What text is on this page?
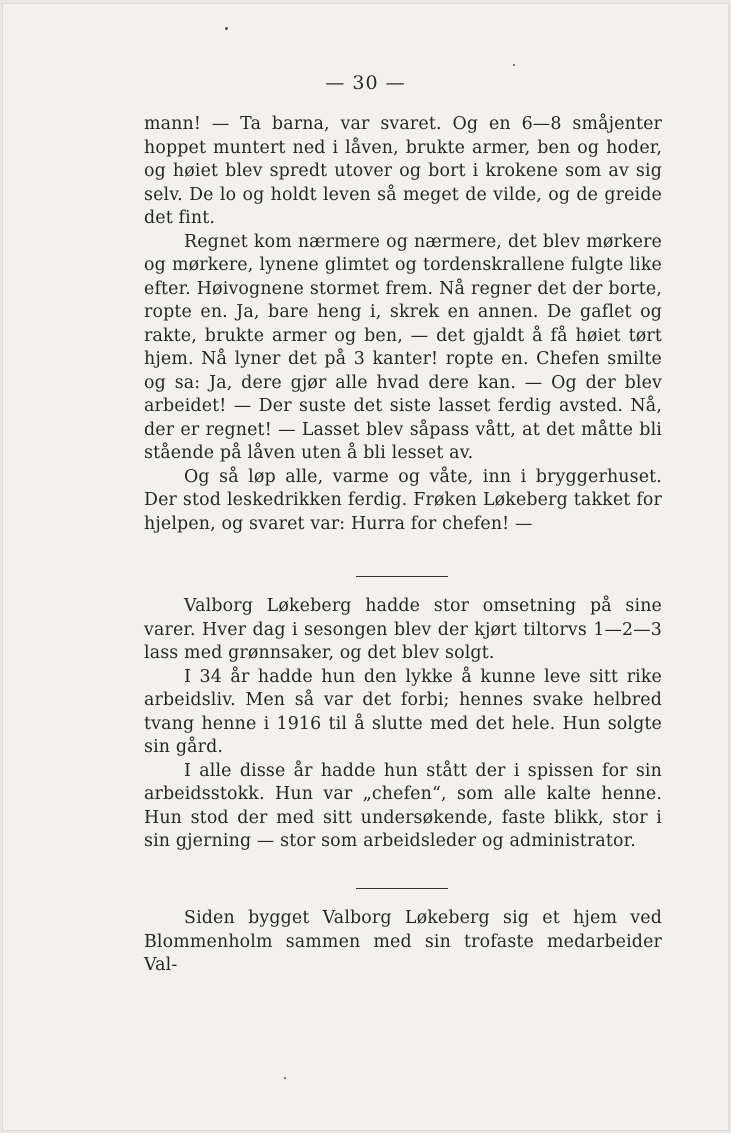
— 30 —

mann! — Ta barna, var svaret. Og en 6—8 småjenter hoppet muntert ned i låven, brukte armer, ben og hoder, og høiet blev spredt utover og bort i krokene som av sig selv. De lo og holdt leven så meget de vilde, og de greide det fint.

Regnet kom nærmere og nærmere, det blev mørkere og mørkere, lynene glimtet og tordenskrallene fulgte like efter. Høivognene stormet frem. Nå regner det der borte, ropte en. Ja, bare heng i, skrek en annen. De gaflet og rakte, brukte armer og ben, — det gjaldt å få høiet tørt hjem. Nå lyner det på 3 kanter! ropte en. Chefen smilte og sa: Ja, dere gjør alle hvad dere kan. — Og der blev arbeidet! — Der suste det siste lasset ferdig avsted. Nå, der er regnet! — Lasset blev såpass vått, at det måtte bli stående på låven uten å bli lesset av.

Og så løp alle, varme og våte, inn i bryggerhuset. Der stod leskedrikken ferdig. Frøken Løkeberg takket for hjelpen, og svaret var: Hurra for chefen! —

Valborg Løkeberg hadde stor omsetning på sine varer. Hver dag i sesongen blev der kjørt tiltorvs 1—2—3 lass med grønnsaker, og det blev solgt.

I 34 år hadde hun den lykke å kunne leve sitt rike arbeidsliv. Men så var det forbi; hennes svake helbred tvang henne i 1916 til å slutte med det hele. Hun solgte sin gård.

I alle disse år hadde hun stått der i spissen for sin arbeidsstokk. Hun var „chefen“, som alle kalte henne. Hun stod der med sitt undersøkende, faste blikk, stor i sin gjerning — stor som arbeidsleder og administrator.

Siden bygget Valborg Løkeberg sig et hjem ved Blommenholm sammen med sin trofaste medarbeider Val-
